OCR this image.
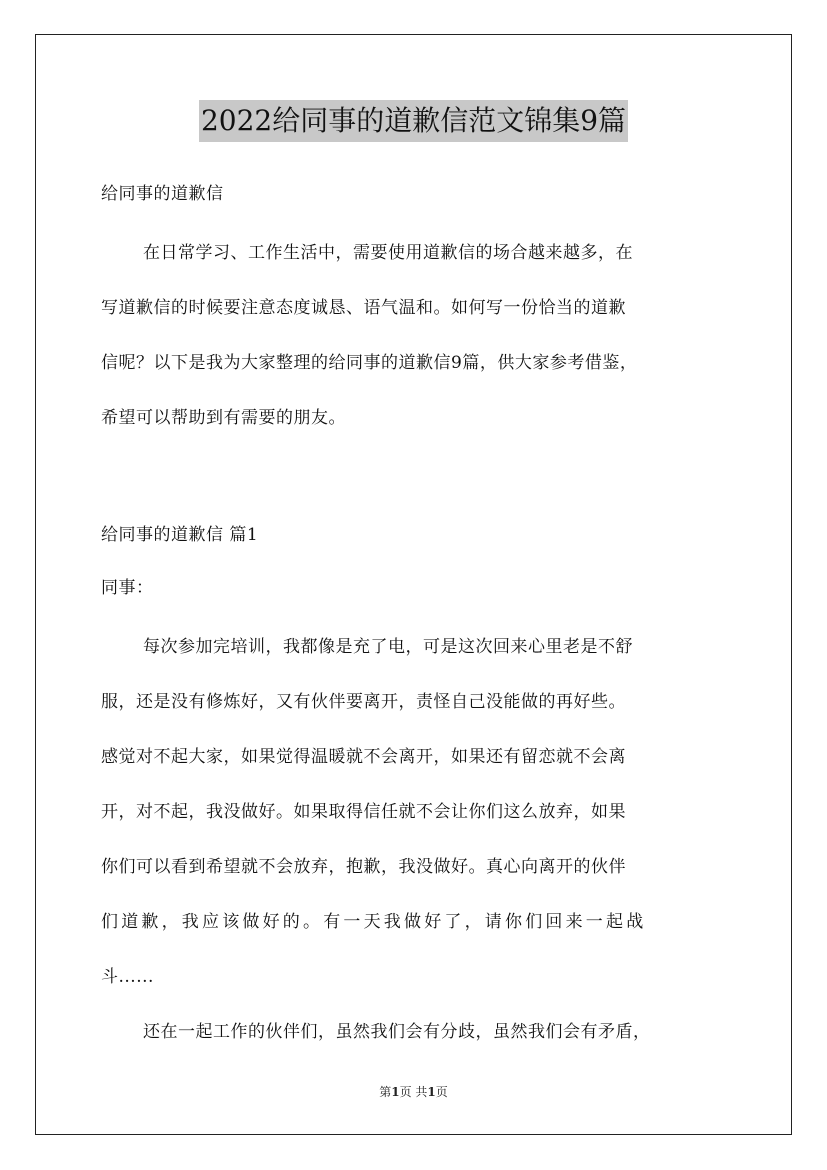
2022给同事的道歉信范文锦集9篇
给同事的道歉信
在日常学习、工作生活中，需要使用道歉信的场合越来越多，在
写道歉信的时候要注意态度诚恳、语气温和。如何写一份恰当的道歉
信呢？以下是我为大家整理的给同事的道歉信9篇，供大家参考借鉴，
希望可以帮助到有需要的朋友。
给同事的道歉信 篇1
同事：
每次参加完培训，我都像是充了电，可是这次回来心里老是不舒
服，还是没有修炼好，又有伙伴要离开，责怪自己没能做的再好些。
感觉对不起大家，如果觉得温暖就不会离开，如果还有留恋就不会离
开，对不起，我没做好。如果取得信任就不会让你们这么放弃，如果
你们可以看到希望就不会放弃，抱歉，我没做好。真心向离开的伙伴
们道歉，我应该做好的。有一天我做好了，请你们回来一起战
斗......
还在一起工作的伙伴们，虽然我们会有分歧，虽然我们会有矛盾，
第1页 共1页
